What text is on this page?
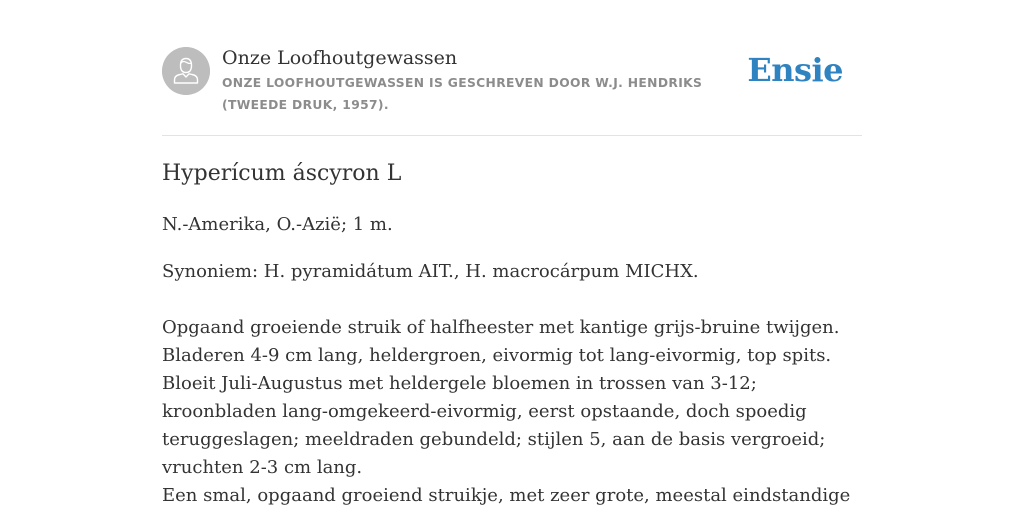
Onze Loofhoutgewassen
ONZE LOOFHOUTGEWASSEN IS GESCHREVEN DOOR W.J. HENDRIKS (TWEEDE DRUK, 1957).
Ensie
Hyperícum áscyron L
N.-Amerika, O.-Azië; 1 m.
Synoniem: H. pyramidátum AIT., H. macrocárpum MICHX.

Opgaand groeiende struik of halfheester met kantige grijs-bruine twijgen. Bladeren 4-9 cm lang, heldergroen, eivormig tot lang-eivormig, top spits. Bloeit Juli-Augustus met heldergele bloemen in trossen van 3-12; kroonbladen lang-omgekeerd-eivormig, eerst opstaande, doch spoedig teruggeslagen; meeldraden gebundeld; stijlen 5, aan de basis vergroeid; vruchten 2-3 cm lang.

Een smal, opgaand groeiend struikje, met zeer grote, meestal eindstandige
